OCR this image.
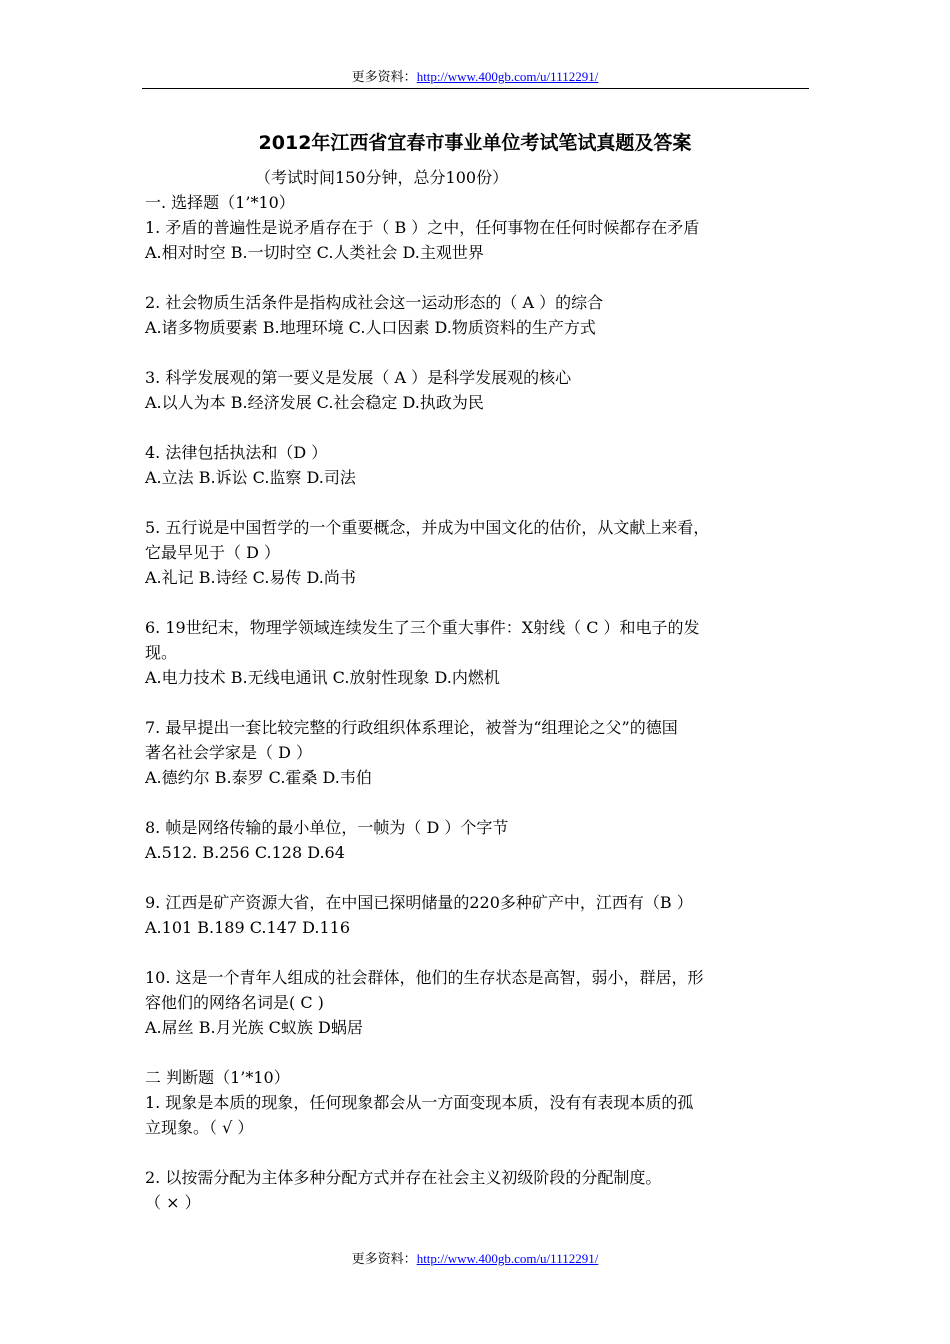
更多资料：http://www.400gb.com/u/1112291/
2012年江西省宜春市事业单位考试笔试真题及答案
（考试时间150分钟，总分100份）
一. 选择题（1’*10）
1. 矛盾的普遍性是说矛盾存在于（ B ）之中，任何事物在任何时候都存在矛盾
A.相对时空 B.一切时空 C.人类社会 D.主观世界
2. 社会物质生活条件是指构成社会这一运动形态的（ A ）的综合
A.诸多物质要素 B.地理环境 C.人口因素 D.物质资料的生产方式
3. 科学发展观的第一要义是发展（ A ）是科学发展观的核心
A.以人为本 B.经济发展 C.社会稳定 D.执政为民
4. 法律包括执法和（D ）
A.立法 B.诉讼 C.监察 D.司法
5. 五行说是中国哲学的一个重要概念，并成为中国文化的估价，从文献上来看，
它最早见于（ D ）
A.礼记 B.诗经 C.易传 D.尚书
6. 19世纪末，物理学领域连续发生了三个重大事件：X射线（ C ）和电子的发
现。
A.电力技术 B.无线电通讯 C.放射性现象 D.内燃机
7. 最早提出一套比较完整的行政组织体系理论，被誉为“组理论之父”的德国
著名社会学家是（ D ）
A.德约尔 B.泰罗 C.霍桑 D.韦伯
8. 帧是网络传输的最小单位，一帧为（ D ）个字节
A.512. B.256 C.128 D.64
9. 江西是矿产资源大省，在中国已探明储量的220多种矿产中，江西有（B ）
A.101 B.189 C.147 D.116
10. 这是一个青年人组成的社会群体，他们的生存状态是高智，弱小，群居，形
容他们的网络名词是( C )
A.屌丝 B.月光族 C蚁族 D蜗居
二 判断题（1’*10）
1. 现象是本质的现象，任何现象都会从一方面变现本质，没有有表现本质的孤
立现象。（ √ ）
2. 以按需分配为主体多种分配方式并存在社会主义初级阶段的分配制度。
（ × ）
更多资料：http://www.400gb.com/u/1112291/
